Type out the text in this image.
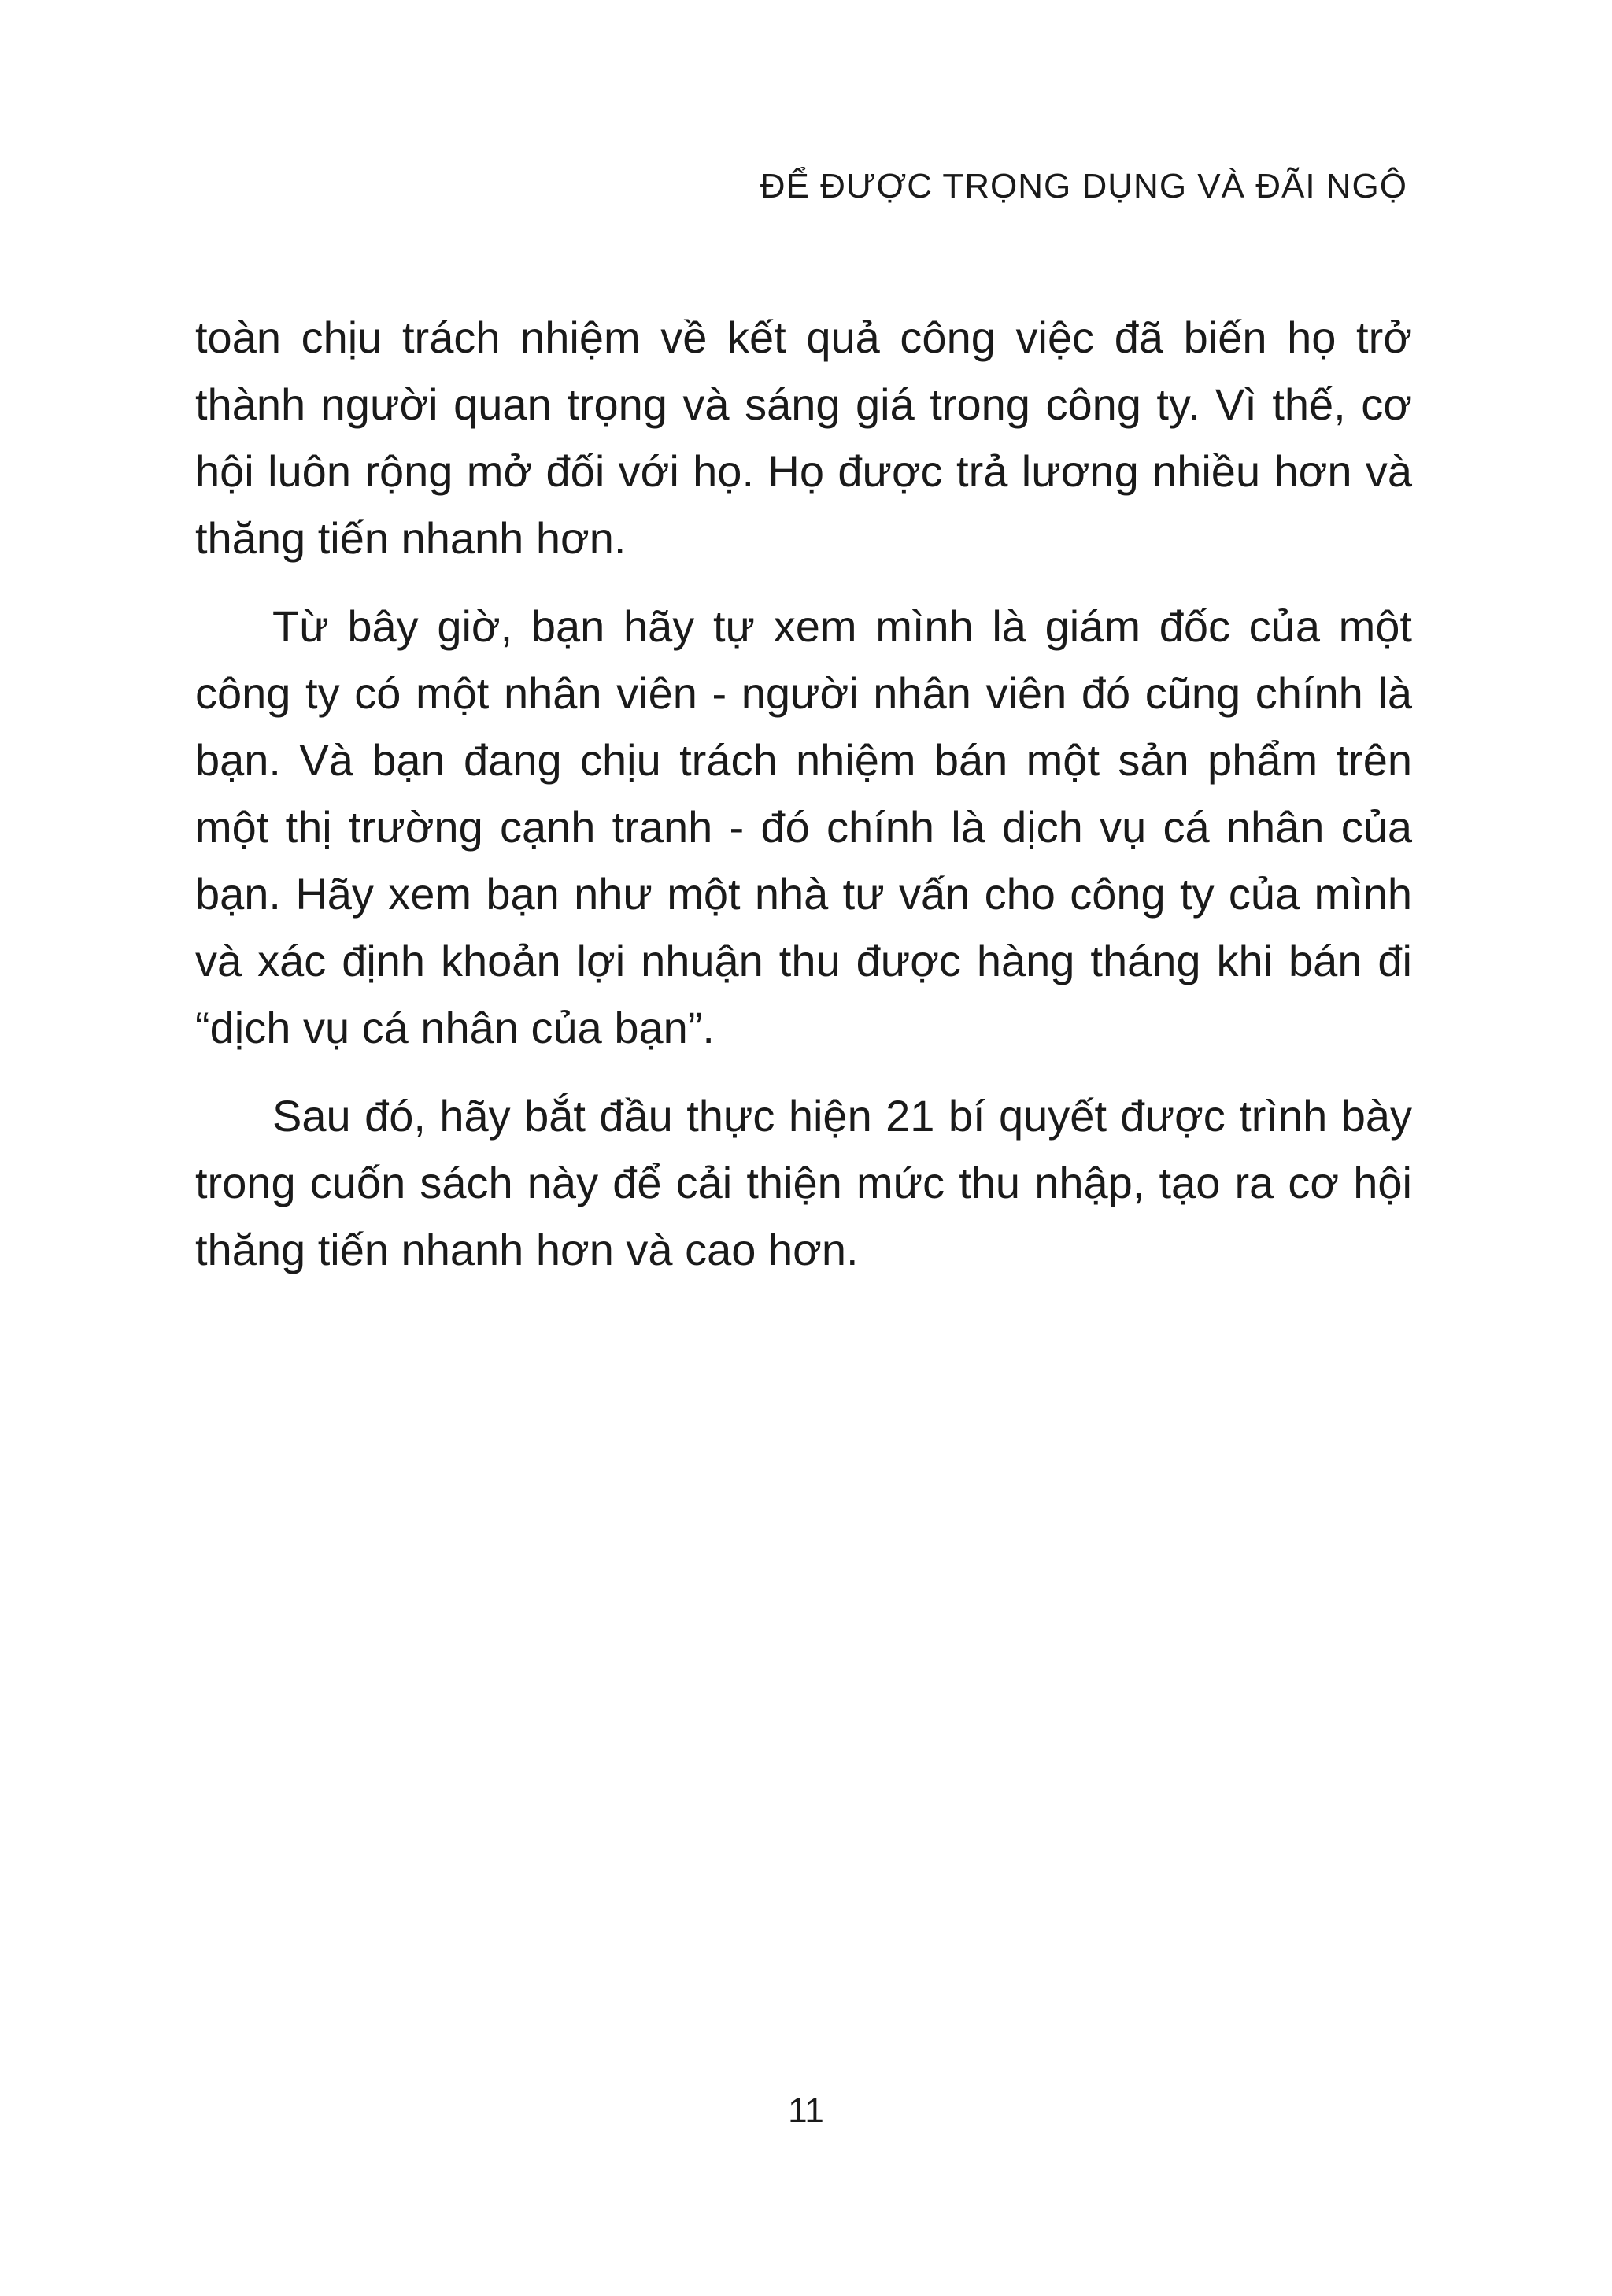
ĐỂ ĐƯỢC TRỌNG DỤNG VÀ ĐÃI NGỘ

toàn chịu trách nhiệm về kết quả công việc đã biến họ trở thành người quan trọng và sáng giá trong công ty. Vì thế, cơ hội luôn rộng mở đối với họ. Họ được trả lương nhiều hơn và thăng tiến nhanh hơn.

Từ bây giờ, bạn hãy tự xem mình là giám đốc của một công ty có một nhân viên - người nhân viên đó cũng chính là bạn. Và bạn đang chịu trách nhiệm bán một sản phẩm trên một thị trường cạnh tranh - đó chính là dịch vụ cá nhân của bạn. Hãy xem bạn như một nhà tư vấn cho công ty của mình và xác định khoản lợi nhuận thu được hàng tháng khi bán đi “dịch vụ cá nhân của bạn”.

Sau đó, hãy bắt đầu thực hiện 21 bí quyết được trình bày trong cuốn sách này để cải thiện mức thu nhập, tạo ra cơ hội thăng tiến nhanh hơn và cao hơn.

11
